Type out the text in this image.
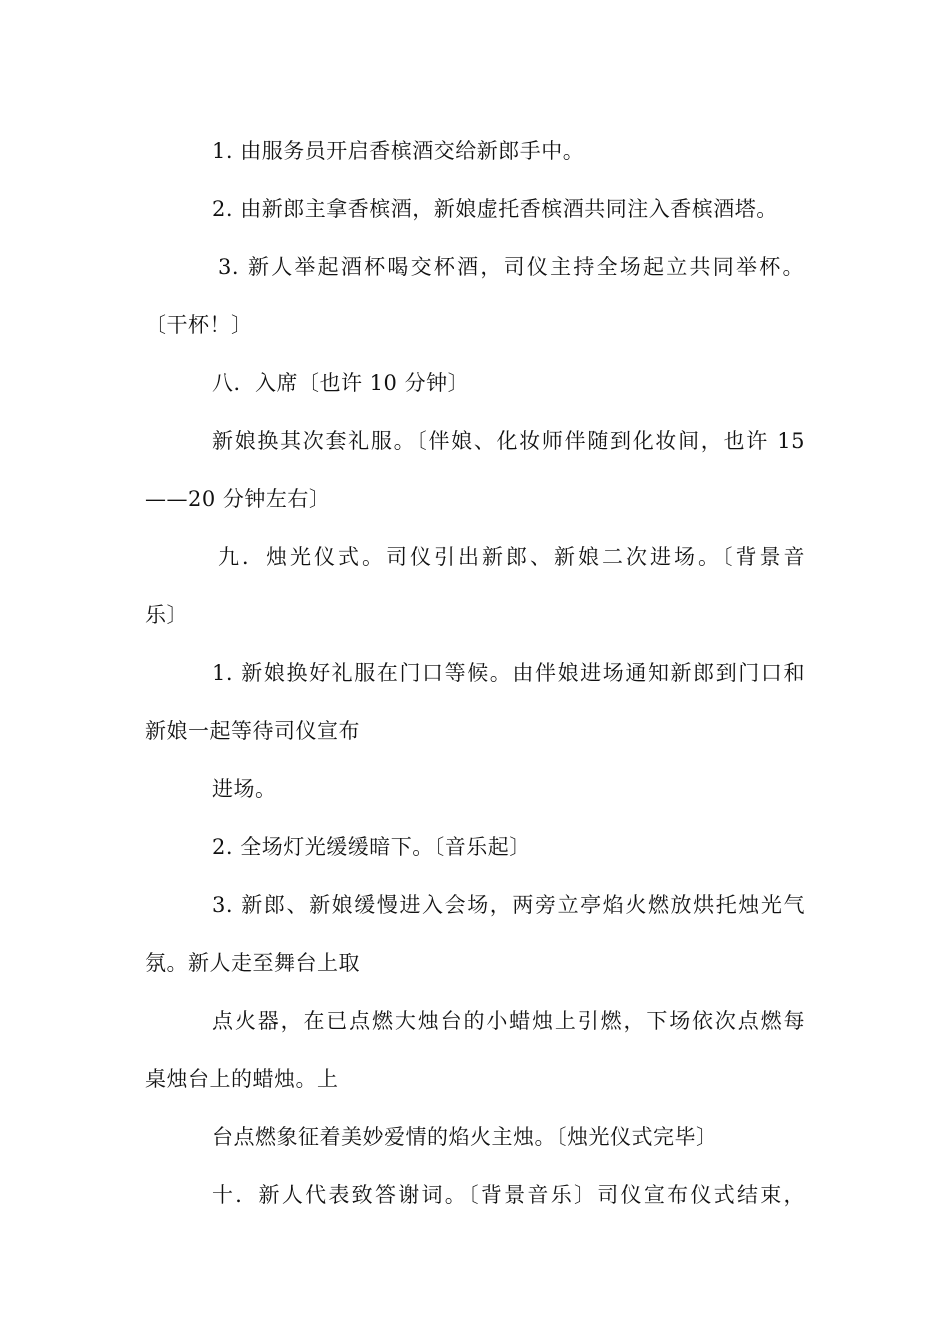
1. 由服务员开启香槟酒交给新郎手中。
2. 由新郎主拿香槟酒，新娘虚托香槟酒共同注入香槟酒塔。
3. 新人举起酒杯喝交杯酒，司仪主持全场起立共同举杯。
〔干杯！〕
八．入席〔也许 10 分钟〕
新娘换其次套礼服。〔伴娘、化妆师伴随到化妆间，也许 15
——20 分钟左右〕
九．烛光仪式。司仪引出新郎、新娘二次进场。〔背景音
乐〕
1. 新娘换好礼服在门口等候。由伴娘进场通知新郎到门口和
新娘一起等待司仪宣布
进场。
2. 全场灯光缓缓暗下。〔音乐起〕
3. 新郎、新娘缓慢进入会场，两旁立亭焰火燃放烘托烛光气
氛。新人走至舞台上取
点火器，在已点燃大烛台的小蜡烛上引燃，下场依次点燃每
桌烛台上的蜡烛。上
台点燃象征着美妙爱情的焰火主烛。〔烛光仪式完毕〕
十．新人代表致答谢词。〔背景音乐〕司仪宣布仪式结束，
